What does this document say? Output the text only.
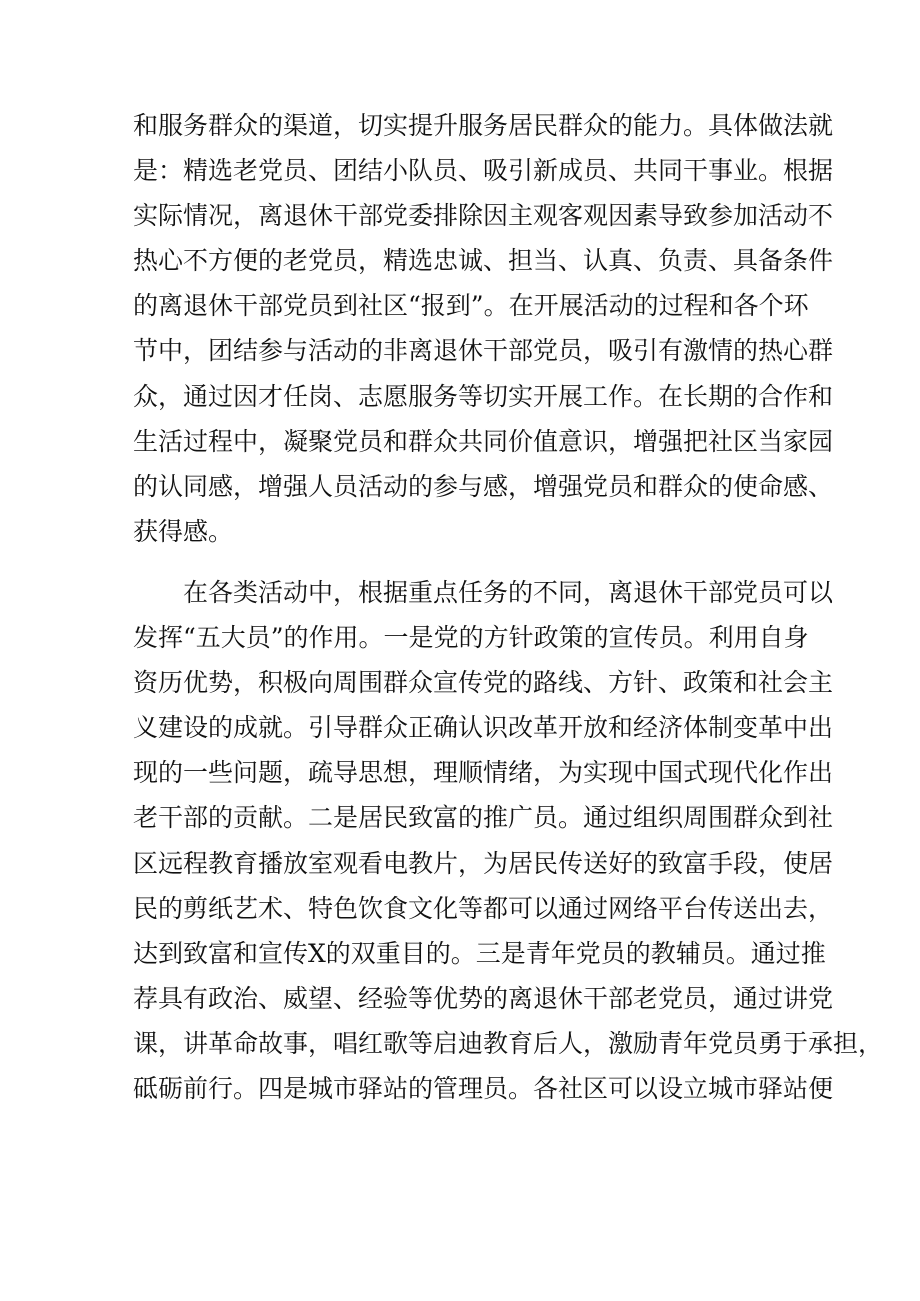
和服务群众的渠道，切实提升服务居民群众的能力。具体做法就
是：精选老党员、团结小队员、吸引新成员、共同干事业。根据
实际情况，离退休干部党委排除因主观客观因素导致参加活动不
热心不方便的老党员，精选忠诚、担当、认真、负责、具备条件
的离退休干部党员到社区“报到”。在开展活动的过程和各个环
节中，团结参与活动的非离退休干部党员，吸引有激情的热心群
众，通过因才任岗、志愿服务等切实开展工作。在长期的合作和
生活过程中，凝聚党员和群众共同价值意识，增强把社区当家园
的认同感，增强人员活动的参与感，增强党员和群众的使命感、
获得感。
在各类活动中，根据重点任务的不同，离退休干部党员可以
发挥“五大员”的作用。一是党的方针政策的宣传员。利用自身
资历优势，积极向周围群众宣传党的路线、方针、政策和社会主
义建设的成就。引导群众正确认识改革开放和经济体制变革中出
现的一些问题，疏导思想，理顺情绪，为实现中国式现代化作出
老干部的贡献。二是居民致富的推广员。通过组织周围群众到社
区远程教育播放室观看电教片，为居民传送好的致富手段，使居
民的剪纸艺术、特色饮食文化等都可以通过网络平台传送出去，
达到致富和宣传X的双重目的。三是青年党员的教辅员。通过推
荐具有政治、威望、经验等优势的离退休干部老党员，通过讲党
课，讲革命故事，唱红歌等启迪教育后人，激励青年党员勇于承担，
砥砺前行。四是城市驿站的管理员。各社区可以设立城市驿站便
